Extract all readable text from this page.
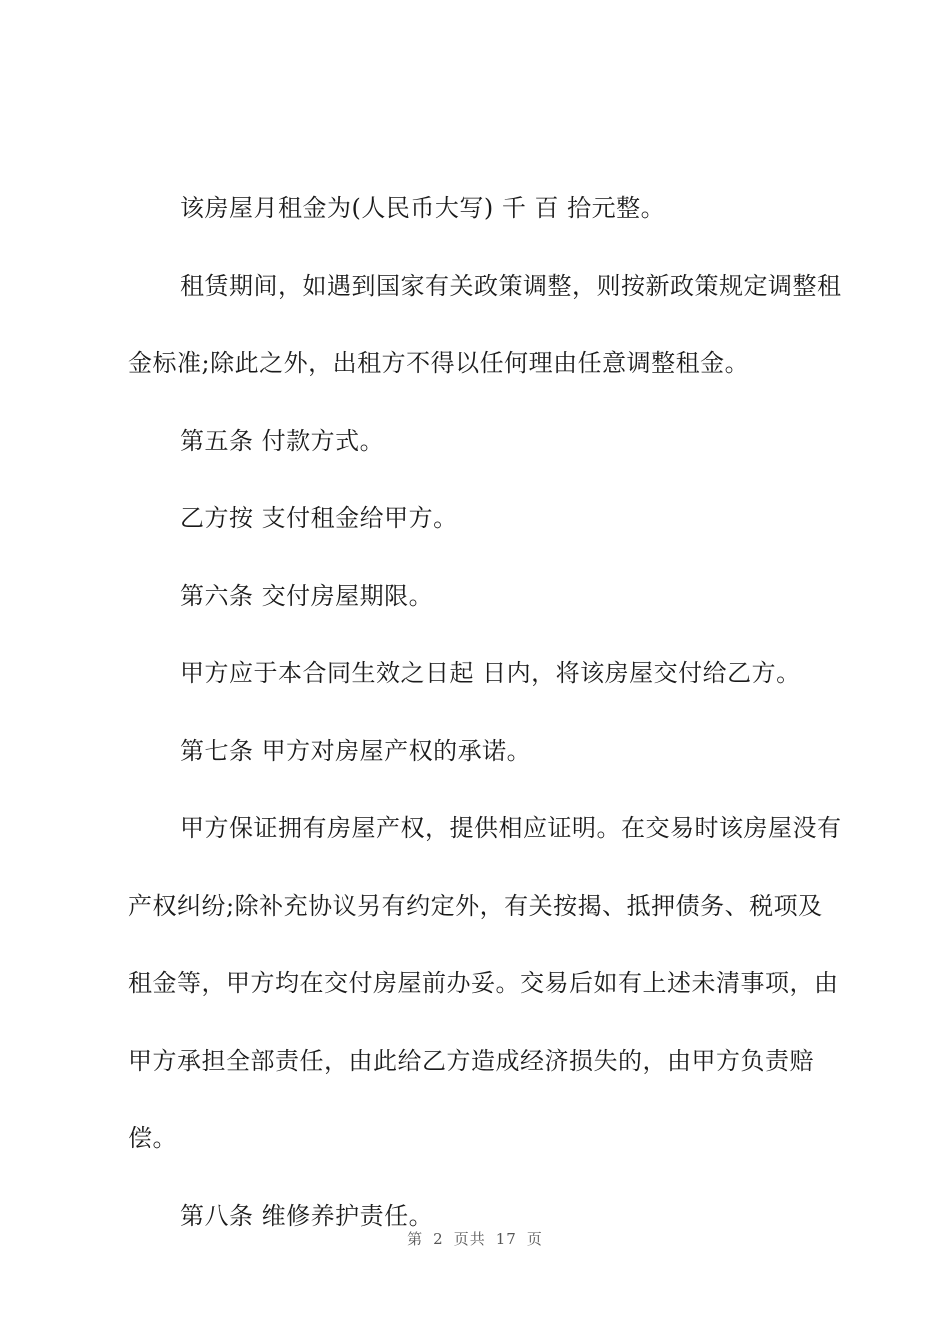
该房屋月租金为(人民币大写) 千 百 拾元整。

租赁期间，如遇到国家有关政策调整，则按新政策规定调整租金标准;除此之外，出租方不得以任何理由任意调整租金。

第五条 付款方式。

乙方按 支付租金给甲方。

第六条 交付房屋期限。

甲方应于本合同生效之日起 日内，将该房屋交付给乙方。

第七条 甲方对房屋产权的承诺。

甲方保证拥有房屋产权，提供相应证明。在交易时该房屋没有产权纠纷;除补充协议另有约定外，有关按揭、抵押债务、税项及租金等，甲方均在交付房屋前办妥。交易后如有上述未清事项，由甲方承担全部责任，由此给乙方造成经济损失的，由甲方负责赔偿。

第八条 维修养护责任。

第 2 页共 17 页
